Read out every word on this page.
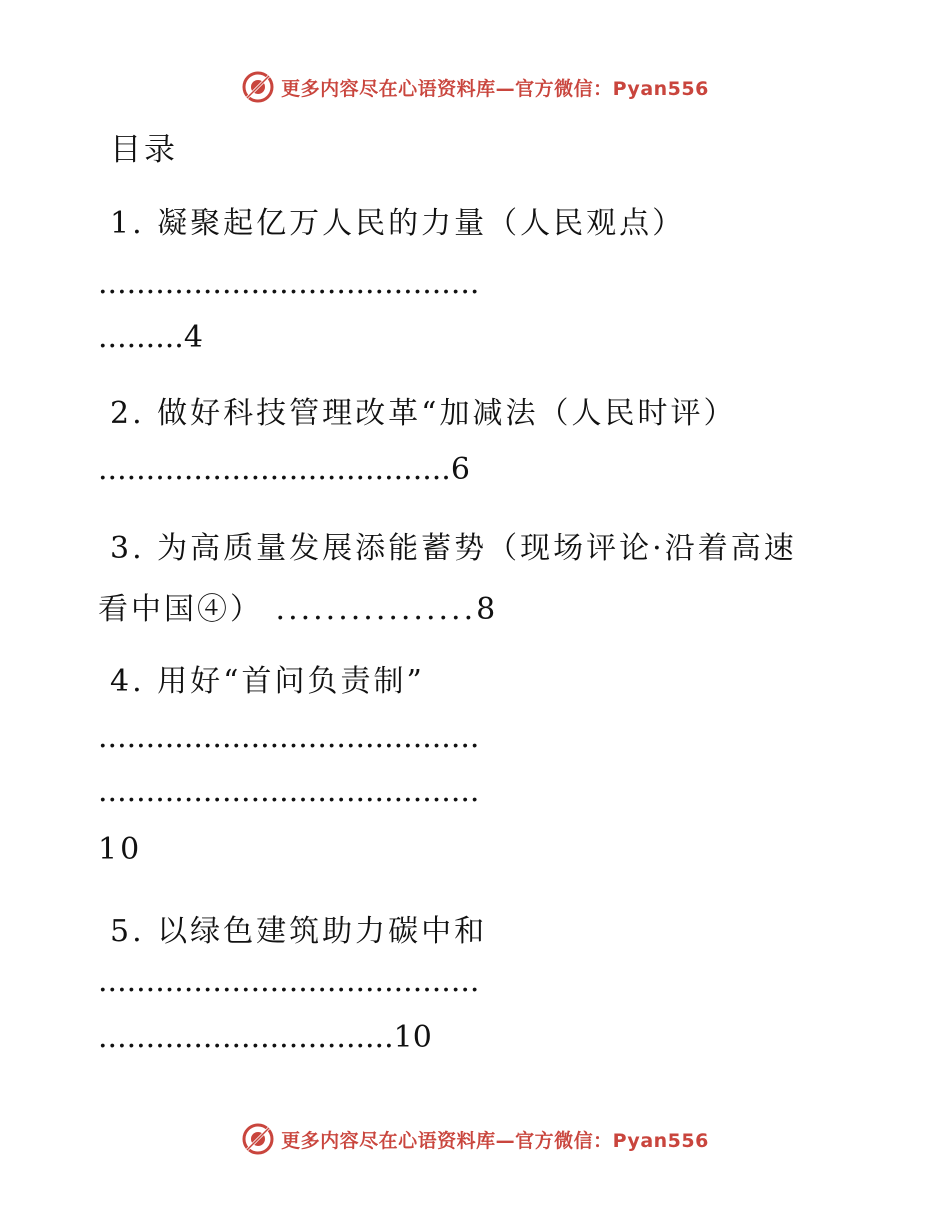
更多内容尽在心语资料库—官方微信：Pyan556
目录
1. 凝聚起亿万人民的力量（人民观点）
........................................
.........4
2. 做好科技管理改革“加减法（人民时评）
.....................................6
3. 为高质量发展添能蓄势（现场评论·沿着高速
看中国④） ................8
4. 用好“首问负责制”
........................................
........................................
10
5. 以绿色建筑助力碳中和
........................................
...............................10
更多内容尽在心语资料库—官方微信：Pyan556
